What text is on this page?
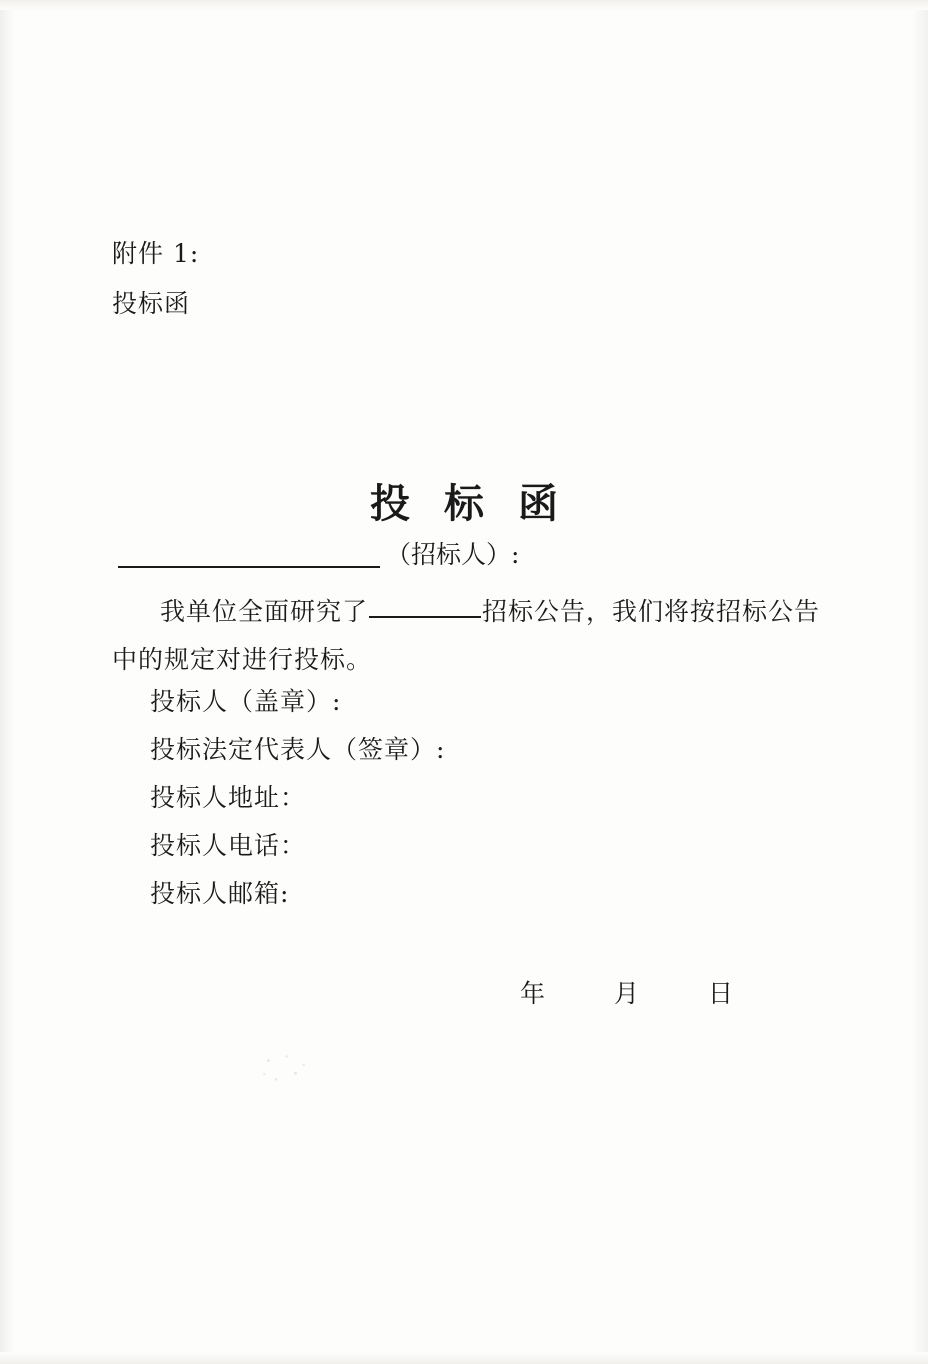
附件 1:
投标函
投标函
（招标人）:
我单位全面研究了	招标公告，我们将按招标公告
中的规定对进行投标。
投标人（盖章）:
投标法定代表人（签章）:
投标人地址：
投标人电话：
投标人邮箱:
年	月	日
